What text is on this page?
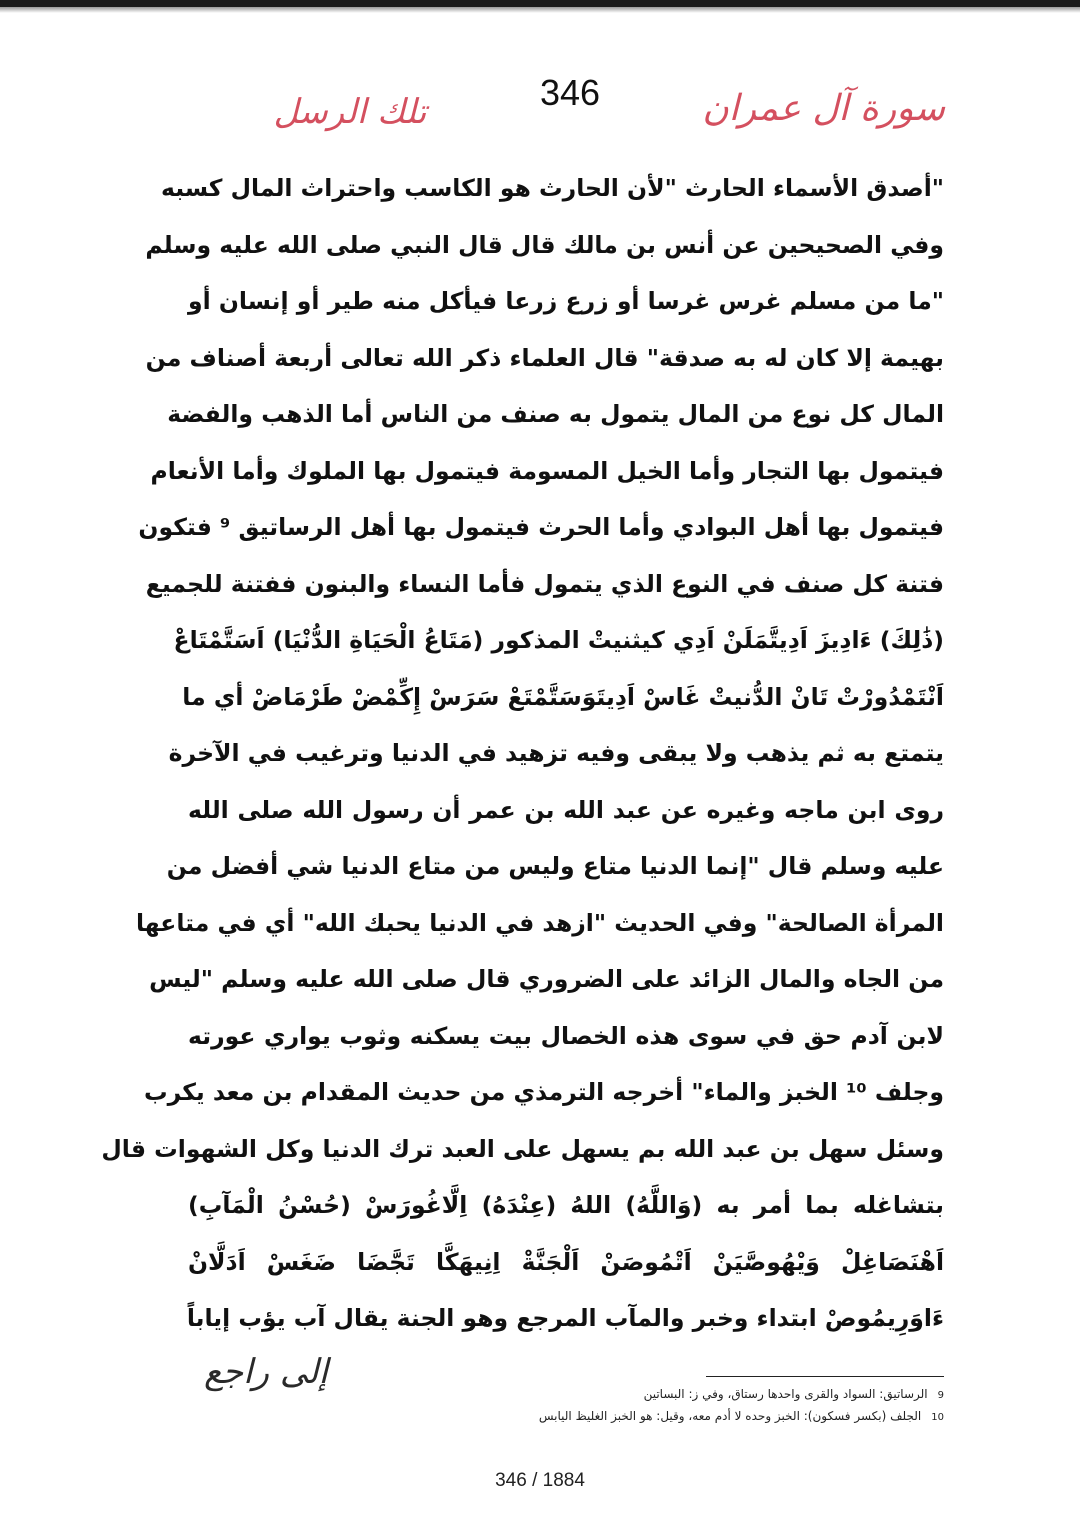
346
تلك الرسل	سورة آل عمران
"أصدق الأسماء الحارث "لأن الحارث هو الكاسب واحتراث المال كسبه
وفي الصحيحين عن أنس بن مالك قال قال النبي صلى الله عليه وسلم
"ما من مسلم غرس غرسا أو زرع زرعا فيأكل منه طير أو إنسان أو
بهيمة إلا كان له به صدقة" قال العلماء ذكر الله تعالى أربعة أصناف من
المال كل نوع من المال يتمول به صنف من الناس أما الذهب والفضة
فيتمول بها التجار وأما الخيل المسومة فيتمول بها الملوك وأما الأنعام
فيتمول بها أهل البوادي وأما الحرث فيتمول بها أهل الرساتيق ⁹ فتكون
فتنة كل صنف في النوع الذي يتمول فأما النساء والبنون ففتنة للجميع
(ذَٰلِكَ) ءَادِيزَ اَدِيتَّمَلَنْ اَدِي كيثنيتْ المذكور (مَتَاعُ الْحَيَاةِ الدُّنْيَا) اَسَتَّمْتَاعْ
اَنْتَمْدُورْتْ تَانْ الدُّنيتْ غَاسْ اَدِيتَوَسَتَّمْتَعْ سَرَسْ إِكِّمْضْ طَرْمَاضْ أي ما
يتمتع به ثم يذهب ولا يبقى وفيه تزهيد في الدنيا وترغيب في الآخرة
روى ابن ماجه وغيره عن عبد الله بن عمر أن رسول الله صلى الله
عليه وسلم قال "إنما الدنيا متاع وليس من متاع الدنيا شي أفضل من
المرأة الصالحة" وفي الحديث "ازهد في الدنيا يحبك الله" أي في متاعها
من الجاه والمال الزائد على الضروري قال صلى الله عليه وسلم "ليس
لابن آدم حق في سوى هذه الخصال بيت يسكنه وثوب يواري عورته
وجلف ¹⁰ الخبز والماء" أخرجه الترمذي من حديث المقدام بن معد يكرب
وسئل سهل بن عبد الله بم يسهل على العبد ترك الدنيا وكل الشهوات قال
بتشاغله بما أمر به (وَاللَّهُ) اللهُ (عِنْدَهُ) اِلَّاغُورَسْ (حُسْنُ الْمَآبِ)
اَهْنَصَاغِلْ وَيْهُوصَّيَنْ اَتْمُوصَنْ اَلْجَنَّةْ اِنِيهَكَّا تَجَّضَا ضَغَسْ اَدَلَّانْ
ءَاوَرِيمُوصْ ابتداء وخبر والمآب المرجع وهو الجنة يقال آب يؤب إياباً
إلى راجع
9الرساتيق: السواد والقرى واحدها رستاق، وفي ز: البساتين
10الجلف (بكسر فسكون): الخبز وحده لا أدم معه، وقيل: هو الخبز الغليظ اليابس
346 / 1884
